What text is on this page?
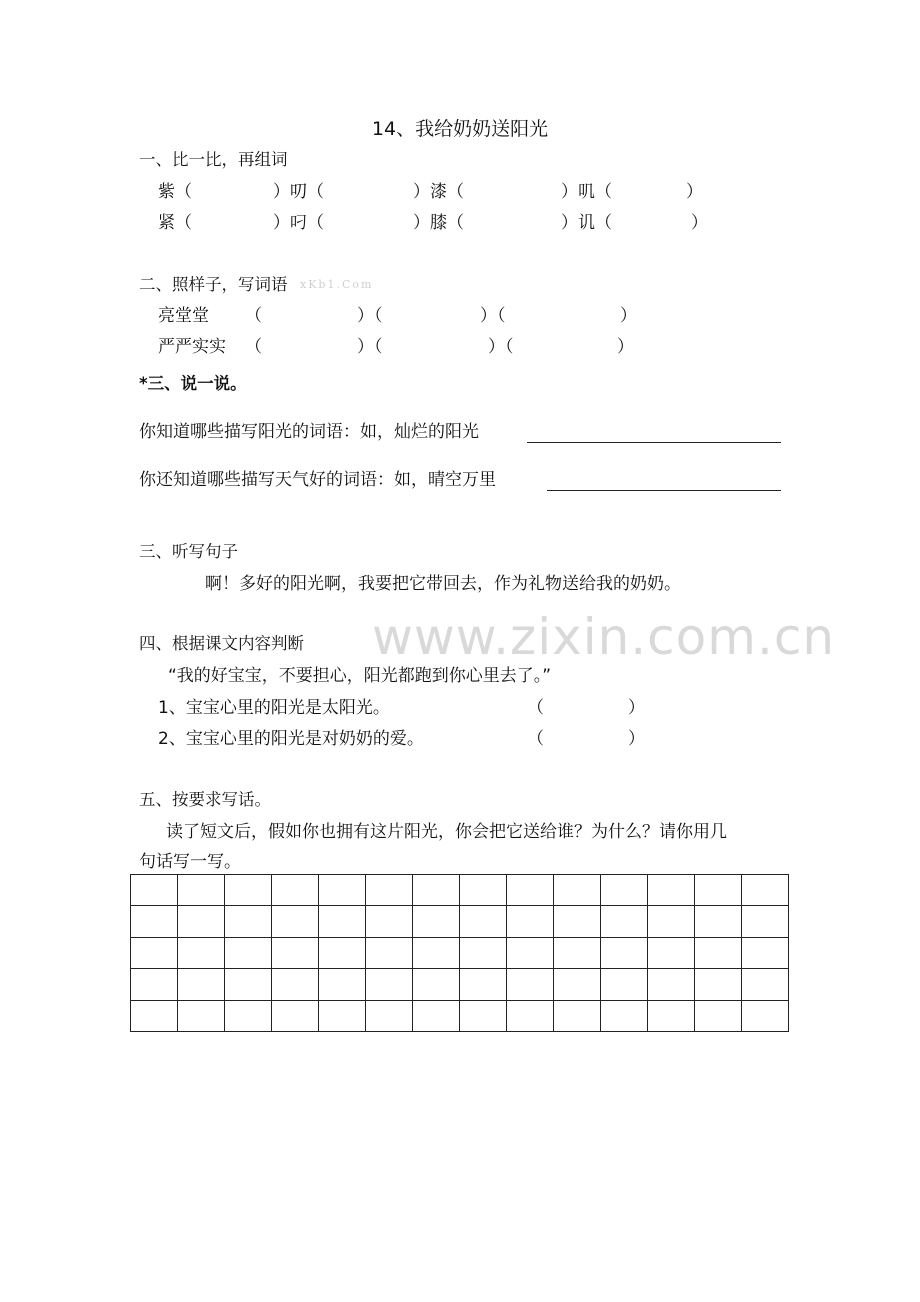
www.zixin.com.cn
xKb1.Com
14、我给奶奶送阳光
一、比一比，再组词
紫（	）叨（	）漆（	）叽（	）
紧（	）叼（	）膝（	）讥（	）
二、照样子，写词语
亮堂堂 （	）（	）（	）
严严实实 （	）（	）（	）
*三、说一说。
你知道哪些描写阳光的词语：如，灿烂的阳光
你还知道哪些描写天气好的词语：如，晴空万里
三、听写句子
啊！多好的阳光啊，我要把它带回去，作为礼物送给我的奶奶。
四、根据课文内容判断
“我的好宝宝，不要担心，阳光都跑到你心里去了。”
1、宝宝心里的阳光是太阳光。	（	）
2、宝宝心里的阳光是对奶奶的爱。	（	）
五、按要求写话。
读了短文后，假如你也拥有这片阳光，你会把它送给谁？为什么？请你用几
句话写一写。
